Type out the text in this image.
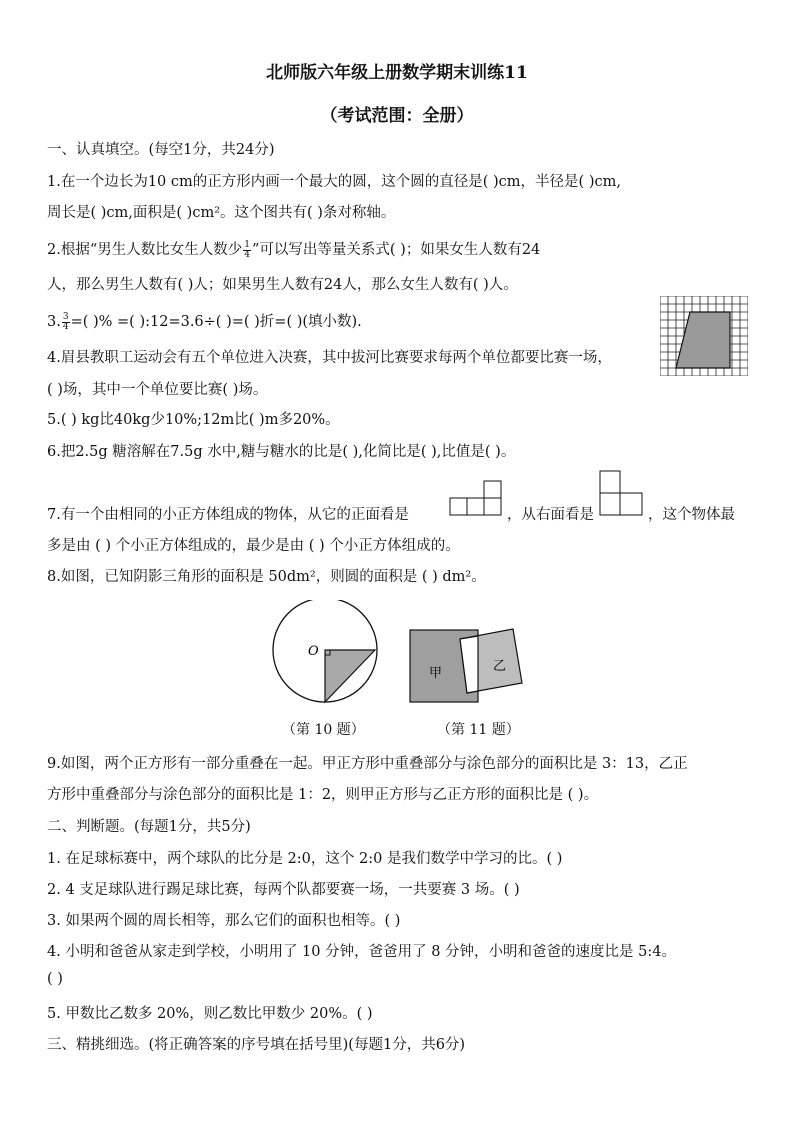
北师版六年级上册数学期末训练11
（考试范围：全册）
一、认真填空。(每空1分，共24分)
1.在一个边长为10 cm的正方形内画一个最大的圆，这个圆的直径是( )cm，半径是( )cm,
周长是( )cm,面积是( )cm²。这个图共有( )条对称轴。
2.根据“男生人数比女生人数少 $\frac{1}{4}$ ”可以写出等量关系式( )；如果女生人数有24
人，那么男生人数有( )人；如果男生人数有24人，那么女生人数有( )人。
3. $\frac{3}{4}$ =( )% =( ):12=3.6÷( )=( )折=( )(填小数).
4.眉县教职工运动会有五个单位进入决赛，其中拔河比赛要求每两个单位都要比赛一场，
( )场，其中一个单位要比赛( )场。
5.( ) kg比40kg少10%;12m比( )m多20%。
6.把2.5g 糖溶解在7.5g 水中,糖与糖水的比是( ),化简比是( ),比值是( )。
7.有一个由相同的小正方体组成的物体，从它的正面看是	，从右面看是	，这个物体最
多是由 ( ) 个小正方体组成的，最少是由 ( ) 个小正方体组成的。
8.如图，已知阴影三角形的面积是 50dm²，则圆的面积是 ( ) dm²。
O
甲	乙
（第 10 题）	（第 11 题）
9.如图，两个正方形有一部分重叠在一起。甲正方形中重叠部分与涂色部分的面积比是 3：13，乙正
方形中重叠部分与涂色部分的面积比是 1：2，则甲正方形与乙正方形的面积比是 ( )。
二、判断题。(每题1分，共5分)
1. 在足球标赛中，两个球队的比分是 2:0，这个 2:0 是我们数学中学习的比。( )
2. 4 支足球队进行踢足球比赛，每两个队都要赛一场，一共要赛 3 场。( )
3. 如果两个圆的周长相等，那么它们的面积也相等。( )
4. 小明和爸爸从家走到学校，小明用了 10 分钟，爸爸用了 8 分钟，小明和爸爸的速度比是 5:4。
( )
5. 甲数比乙数多 20%，则乙数比甲数少 20%。( )
三、精挑细选。(将正确答案的序号填在括号里)(每题1分，共6分)
